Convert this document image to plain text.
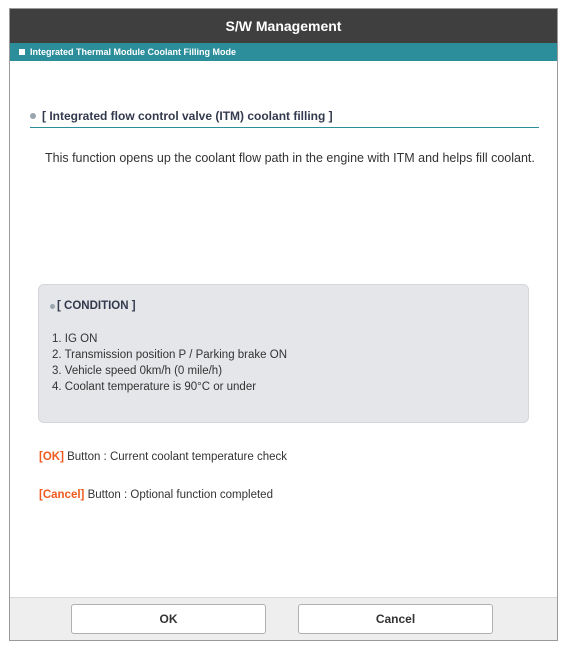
S/W Management
Integrated Thermal Module Coolant Filling Mode
[ Integrated flow control valve (ITM) coolant filling ]
This function opens up the coolant flow path in the engine with ITM and helps fill coolant.
[ CONDITION ]
1. IG ON
2. Transmission position P / Parking brake ON
3. Vehicle speed 0km/h (0 mile/h)
4. Coolant temperature is 90°C or under
[OK] Button : Current coolant temperature check
[Cancel] Button : Optional function completed
OK	Cancel
